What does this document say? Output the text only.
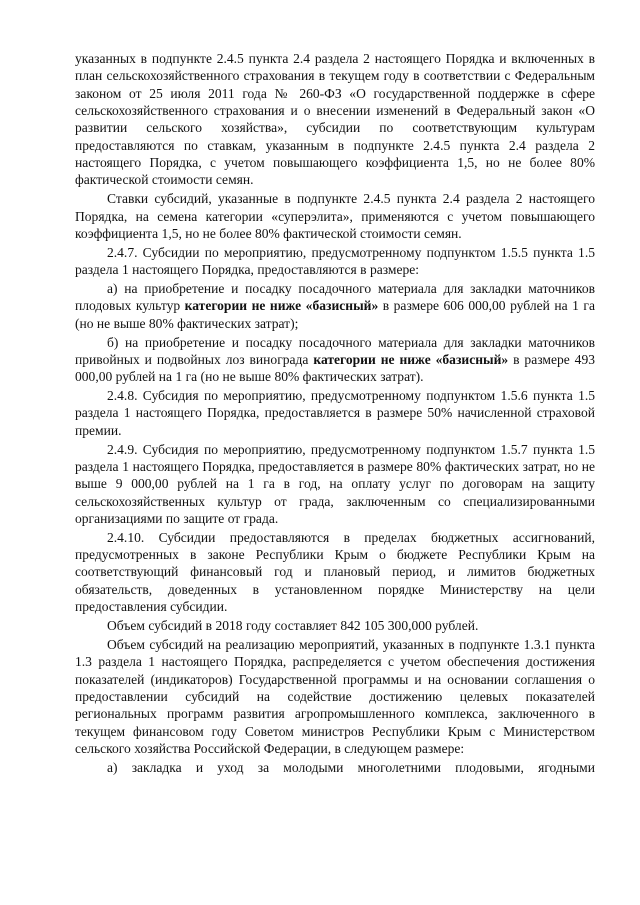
указанных в подпункте 2.4.5 пункта 2.4 раздела 2 настоящего Порядка и включенных в план сельскохозяйственного страхования в текущем году в соответствии с Федеральным законом от 25 июля 2011 года № 260-ФЗ «О государственной поддержке в сфере сельскохозяйственного страхования и о внесении изменений в Федеральный закон «О развитии сельского хозяйства», субсидии по соответствующим культурам предоставляются по ставкам, указанным в подпункте 2.4.5 пункта 2.4 раздела 2 настоящего Порядка, с учетом повышающего коэффициента 1,5, но не более 80% фактической стоимости семян.

Ставки субсидий, указанные в подпункте 2.4.5 пункта 2.4 раздела 2 настоящего Порядка, на семена категории «суперэлита», применяются с учетом повышающего коэффициента 1,5, но не более 80% фактической стоимости семян.

2.4.7. Субсидии по мероприятию, предусмотренному подпунктом 1.5.5 пункта 1.5 раздела 1 настоящего Порядка, предоставляются в размере:

а) на приобретение и посадку посадочного материала для закладки маточников плодовых культур категории не ниже «базисный» в размере 606 000,00 рублей на 1 га (но не выше 80% фактических затрат);

б) на приобретение и посадку посадочного материала для закладки маточников привойных и подвойных лоз винограда категории не ниже «базисный» в размере 493 000,00 рублей на 1 га (но не выше 80% фактических затрат).

2.4.8. Субсидия по мероприятию, предусмотренному подпунктом 1.5.6 пункта 1.5 раздела 1 настоящего Порядка, предоставляется в размере 50% начисленной страховой премии.

2.4.9. Субсидия по мероприятию, предусмотренному подпунктом 1.5.7 пункта 1.5 раздела 1 настоящего Порядка, предоставляется в размере 80% фактических затрат, но не выше 9 000,00 рублей на 1 га в год, на оплату услуг по договорам на защиту сельскохозяйственных культур от града, заключенным со специализированными организациями по защите от града.

2.4.10. Субсидии предоставляются в пределах бюджетных ассигнований, предусмотренных в законе Республики Крым о бюджете Республики Крым на соответствующий финансовый год и плановый период, и лимитов бюджетных обязательств, доведенных в установленном порядке Министерству на цели предоставления субсидии.

Объем субсидий в 2018 году составляет 842 105 300,000 рублей.

Объем субсидий на реализацию мероприятий, указанных в подпункте 1.3.1 пункта 1.3 раздела 1 настоящего Порядка, распределяется с учетом обеспечения достижения показателей (индикаторов) Государственной программы и на основании соглашения о предоставлении субсидий на содействие достижению целевых показателей региональных программ развития агропромышленного комплекса, заключенного в текущем финансовом году Советом министров Республики Крым с Министерством сельского хозяйства Российской Федерации, в следующем размере:

а) закладка и уход за молодыми многолетними плодовыми, ягодными
